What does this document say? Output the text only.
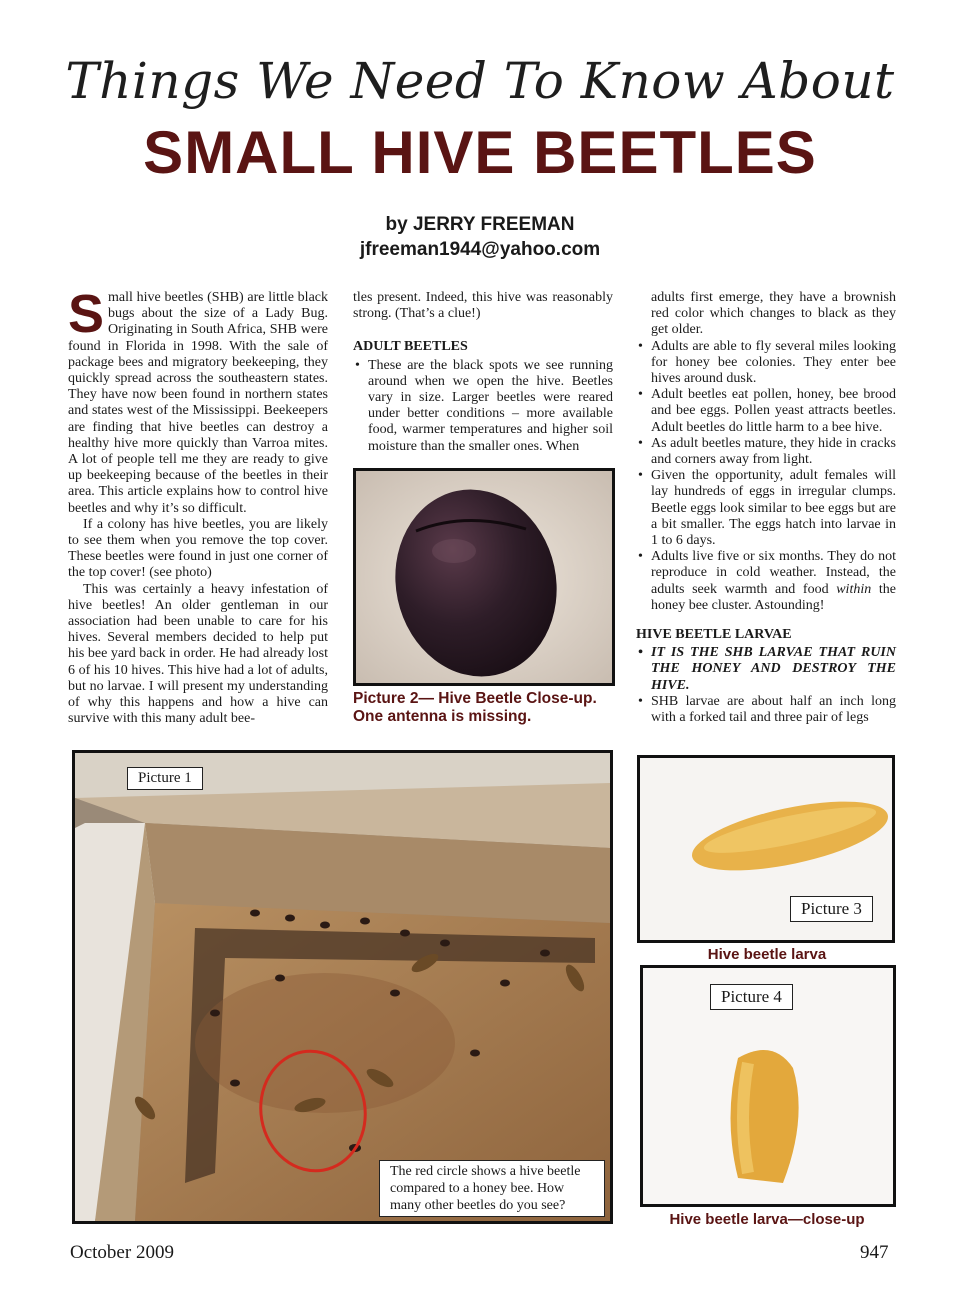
Things We Need To Know About
SMALL HIVE BEETLES
by JERRY FREEMAN
jfreeman1944@yahoo.com

Small hive beetles (SHB) are little black bugs about the size of a Lady Bug. Originating in South Africa, SHB were found in Florida in 1998. With the sale of package bees and migratory beekeeping, they quickly spread across the southeastern states. They have now been found in northern states and states west of the Mississippi. Beekeepers are finding that hive beetles can destroy a healthy hive more quickly than Varroa mites. A lot of people tell me they are ready to give up beekeeping because of the beetles in their area. This article explains how to control hive beetles and why it’s so difficult.

If a colony has hive beetles, you are likely to see them when you remove the top cover. These beetles were found in just one corner of the top cover! (see photo)

This was certainly a heavy infestation of hive beetles! An older gentleman in our association had been unable to care for his hives. Several members decided to help put his bee yard back in order. He had already lost 6 of his 10 hives. This hive had a lot of adults, but no larvae. I will present my understanding of why this happens and how a hive can survive with this many adult bee-

tles present. Indeed, this hive was reasonably strong. (That’s a clue!)

ADULT BEETLES
• These are the black spots we see running around when we open the hive. Beetles vary in size. Larger beetles were reared under better conditions – more available food, warmer temperatures and higher soil moisture than the smaller ones. When
Picture 2— Hive Beetle Close-up. One antenna is missing.

adults first emerge, they have a brownish red color which changes to black as they get older.

• Adults are able to fly several miles looking for honey bee colonies. They enter bee hives around dusk.
• Adult beetles eat pollen, honey, bee brood and bee eggs. Pollen yeast attracts beetles. Adult beetles do little harm to a bee hive.
• As adult beetles mature, they hide in cracks and corners away from light.
• Given the opportunity, adult females will lay hundreds of eggs in irregular clumps. Beetle eggs look similar to bee eggs but are a bit smaller. The eggs hatch into larvae in 1 to 6 days.
• Adults live five or six months. They do not reproduce in cold weather. Instead, the adults seek warmth and food within the honey bee cluster. Astounding!
HIVE BEETLE LARVAE
• IT IS THE SHB LARVAE THAT RUIN THE HONEY AND DESTROY THE HIVE.
• SHB larvae are about half an inch long with a forked tail and three pair of legs
Picture 1
The red circle shows a hive beetle compared to a honey bee. How many other beetles do you see?
Picture 3
Hive beetle larva
Picture 4
Hive beetle larva—close-up
October 2009	947
